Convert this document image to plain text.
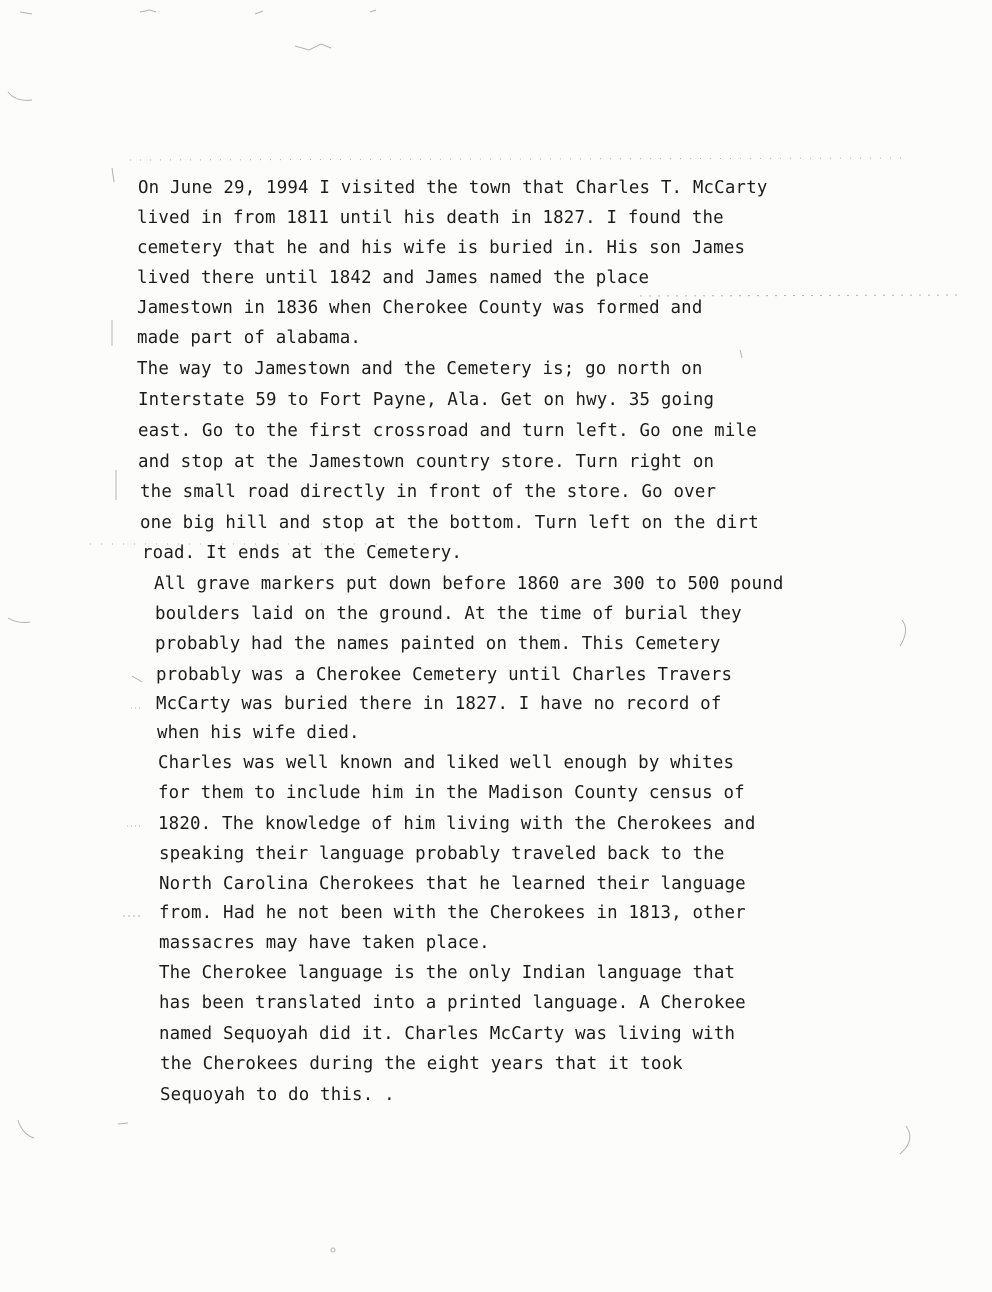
On June 29, 1994 I visited the town that Charles T. McCarty
lived in from 1811 until his death in 1827. I found the
cemetery that he and his wife is buried in. His son James
lived there until 1842 and James named the place
Jamestown in 1836 when Cherokee County was formed and
made part of alabama.
The way to Jamestown and the Cemetery is; go north on
Interstate 59 to Fort Payne, Ala. Get on hwy. 35 going
east. Go to the first crossroad and turn left. Go one mile
and stop at the Jamestown country store. Turn right on
the small road directly in front of the store. Go over
one big hill and stop at the bottom. Turn left on the dirt
road. It ends at the Cemetery.
All grave markers put down before 1860 are 300 to 500 pound
boulders laid on the ground. At the time of burial they
probably had the names painted on them. This Cemetery
probably was a Cherokee Cemetery until Charles Travers
McCarty was buried there in 1827. I have no record of
when his wife died.
Charles was well known and liked well enough by whites
for them to include him in the Madison County census of
1820. The knowledge of him living with the Cherokees and
speaking their language probably traveled back to the
North Carolina Cherokees that he learned their language
from. Had he not been with the Cherokees in 1813, other
massacres may have taken place.
The Cherokee language is the only Indian language that
has been translated into a printed language. A Cherokee
named Sequoyah did it. Charles McCarty was living with
the Cherokees during the eight years that it took
Sequoyah to do this. .
